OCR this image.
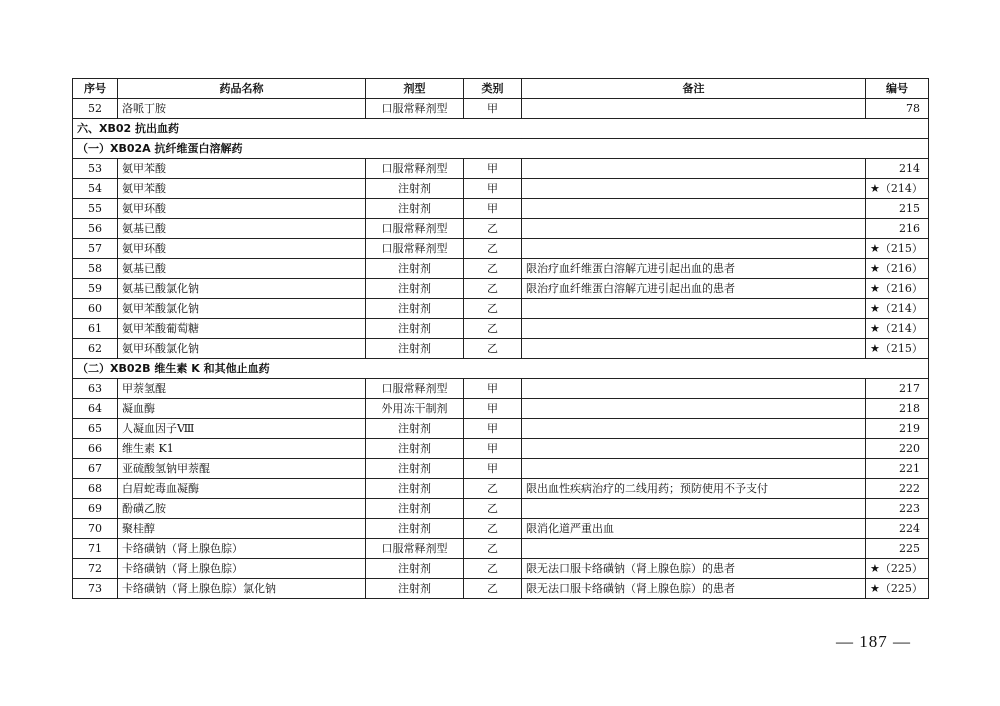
序号	药品名称	剂型	类别	备注	编号
52	洛哌丁胺	口服常释剂型	甲		78
六、XB02 抗出血药					
（一）XB02A 抗纤维蛋白溶解药					
53	氨甲苯酸	口服常释剂型	甲		214
54	氨甲苯酸	注射剂	甲		★（214）
55	氨甲环酸	注射剂	甲		215
56	氨基已酸	口服常释剂型	乙		216
57	氨甲环酸	口服常释剂型	乙		★（215）
58	氨基已酸	注射剂	乙	限治疗血纤维蛋白溶解亢进引起出血的患者	★（216）
59	氨基已酸氯化钠	注射剂	乙	限治疗血纤维蛋白溶解亢进引起出血的患者	★（216）
60	氨甲苯酸氯化钠	注射剂	乙		★（214）
61	氨甲苯酸葡萄糖	注射剂	乙		★（214）
62	氨甲环酸氯化钠	注射剂	乙		★（215）
（二）XB02B 维生素 K 和其他止血药					
63	甲萘氢醌	口服常释剂型	甲		217
64	凝血酶	外用冻干制剂	甲		218
65	人凝血因子Ⅷ	注射剂	甲		219
66	维生素 K1	注射剂	甲		220
67	亚硫酸氢钠甲萘醌	注射剂	甲		221
68	白眉蛇毒血凝酶	注射剂	乙	限出血性疾病治疗的二线用药；预防使用不予支付	222
69	酚磺乙胺	注射剂	乙		223
70	聚桂醇	注射剂	乙	限消化道严重出血	224
71	卡络磺钠（肾上腺色腙）	口服常释剂型	乙		225
72	卡络磺钠（肾上腺色腙）	注射剂	乙	限无法口服卡络磺钠（肾上腺色腙）的患者	★（225）
73	卡络磺钠（肾上腺色腙）氯化钠	注射剂	乙	限无法口服卡络磺钠（肾上腺色腙）的患者	★（225）
— 187 —
